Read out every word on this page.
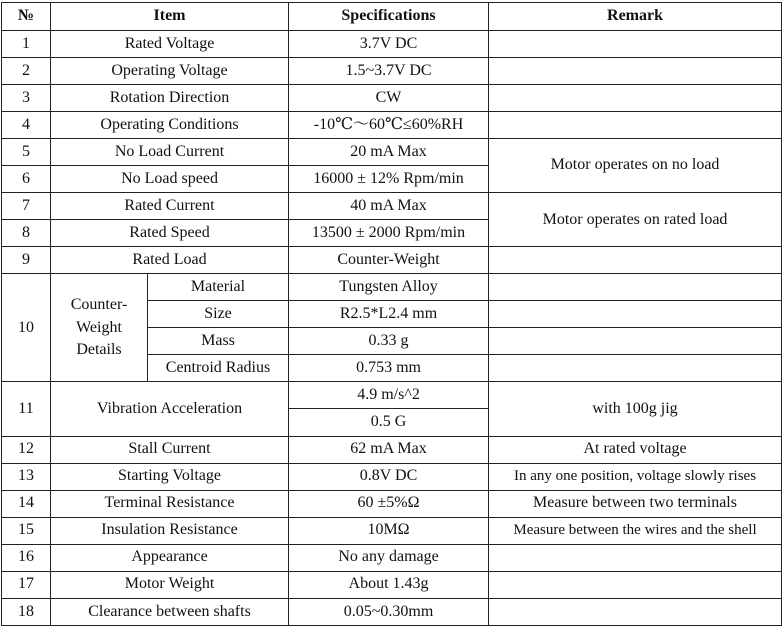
№	Item		Specifications	Remark
1	Rated Voltage		3.7V DC	
2	Operating Voltage		1.5~3.7V DC	
3	Rotation Direction		CW	
4	Operating Conditions		-10℃～60℃≤60%RH	
5	No Load Current		20 mA Max	Motor operates on no load
6	No Load speed		16000 ± 12% Rpm/min	
7	Rated Current		40 mA Max	Motor operates on rated load
8	Rated Speed		13500 ± 2000 Rpm/min	
9	Rated Load		Counter-Weight	
10	Counter-Weight Details	Material	Tungsten Alloy	
		Size	R2.5*L2.4 mm	
		Mass	0.33 g	
		Centroid Radius	0.753 mm	
11	Vibration Acceleration		4.9 m/s^2	with 100g jig
			0.5 G	
12	Stall Current		62 mA Max	At rated voltage
13	Starting Voltage		0.8V DC	In any one position, voltage slowly rises
14	Terminal Resistance		60 ±5%Ω	Measure between two terminals
15	Insulation Resistance		10MΩ	Measure between the wires and the shell
16	Appearance		No any damage	
17	Motor Weight		About 1.43g	
18	Clearance between shafts		0.05~0.30mm	
